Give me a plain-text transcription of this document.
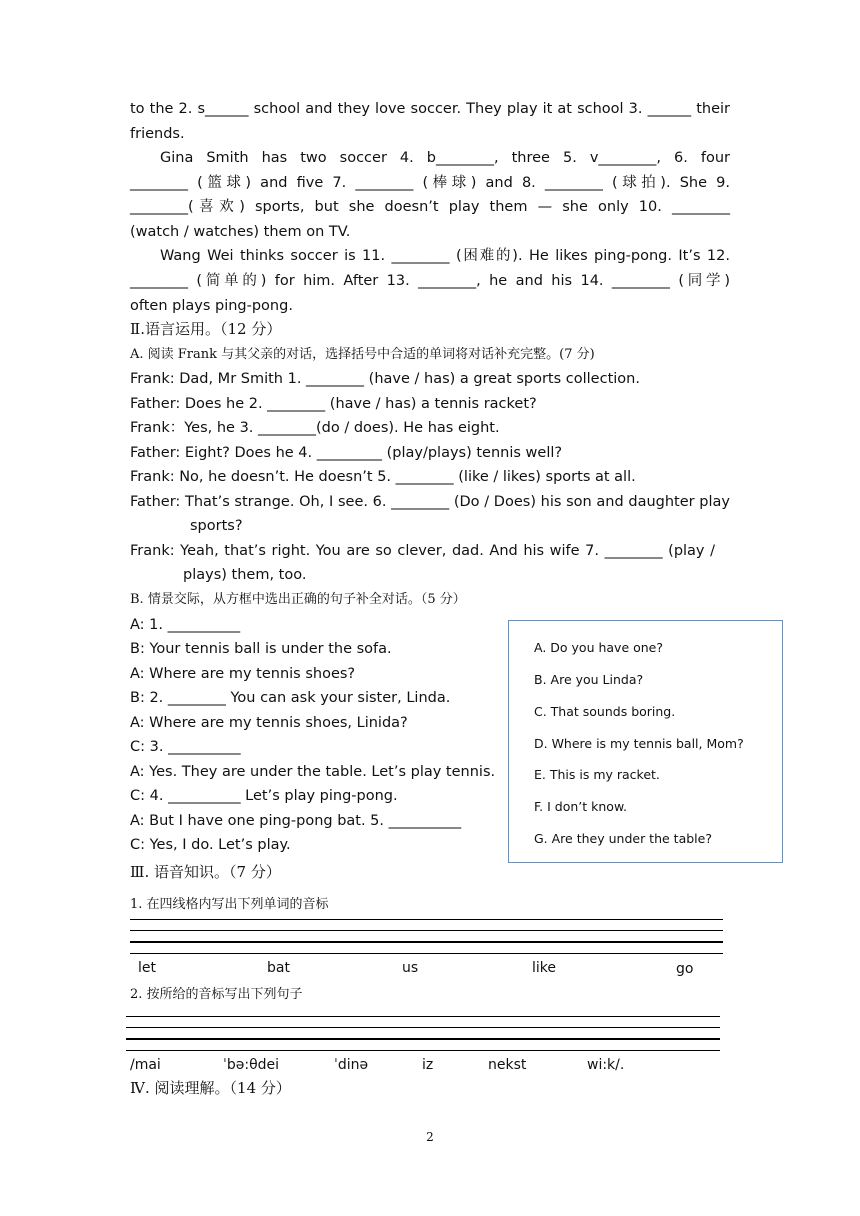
to the 2. s______ school and they love soccer. They play it at school 3. ______ their
friends.
Gina Smith has two soccer 4. b________, three 5. v________, 6. four
________ (篮球) and five 7. ________ (棒球) and 8. ________ (球拍). She 9.
________(喜欢) sports, but she doesn’t play them — she only 10. ________
(watch / watches) them on TV.
Wang Wei thinks soccer is 11. ________ (困难的). He likes ping-pong. It’s 12.
________ (简单的) for him. After 13. ________, he and his 14. ________ (同学)
often plays ping-pong.
Ⅱ.语言运用。（12 分）
A. 阅读 Frank 与其父亲的对话，选择括号中合适的单词将对话补充完整。(7 分)
Frank: Dad, Mr Smith 1. ________ (have / has) a great sports collection.
Father: Does he 2. ________ (have / has) a tennis racket?
Frank：Yes, he 3. ________(do / does). He has eight.
Father: Eight? Does he 4. _________ (play/plays) tennis well?
Frank: No, he doesn’t. He doesn’t 5. ________ (like / likes) sports at all.
Father: That’s strange. Oh, I see. 6. ________ (Do / Does) his son and daughter play
sports?
Frank: Yeah, that’s right. You are so clever, dad. And his wife 7. ________ (play /
plays) them, too.
B. 情景交际，从方框中选出正确的句子补全对话。（5 分）
A: 1. __________
B: Your tennis ball is under the sofa.
A: Where are my tennis shoes?
B: 2. ________ You can ask your sister, Linda.
A: Where are my tennis shoes, Linida?
C: 3. __________
A: Yes. They are under the table. Let’s play tennis.
C: 4. __________ Let’s play ping-pong.
A: But I have one ping-pong bat. 5. __________
C: Yes, I do. Let’s play.
A. Do you have one?
B. Are you Linda?
C. That sounds boring.
D. Where is my tennis ball, Mom?
E. This is my racket.
F. I don’t know.
G. Are they under the table?
Ⅲ. 语音知识。（7 分）
1. 在四线格内写出下列单词的音标
let	bat	us	like	go
2. 按所给的音标写出下列句子
/mai	ˈbə:θdei	ˈdinə	iz	nekst	wi:k/.
Ⅳ. 阅读理解。（14 分）
2
